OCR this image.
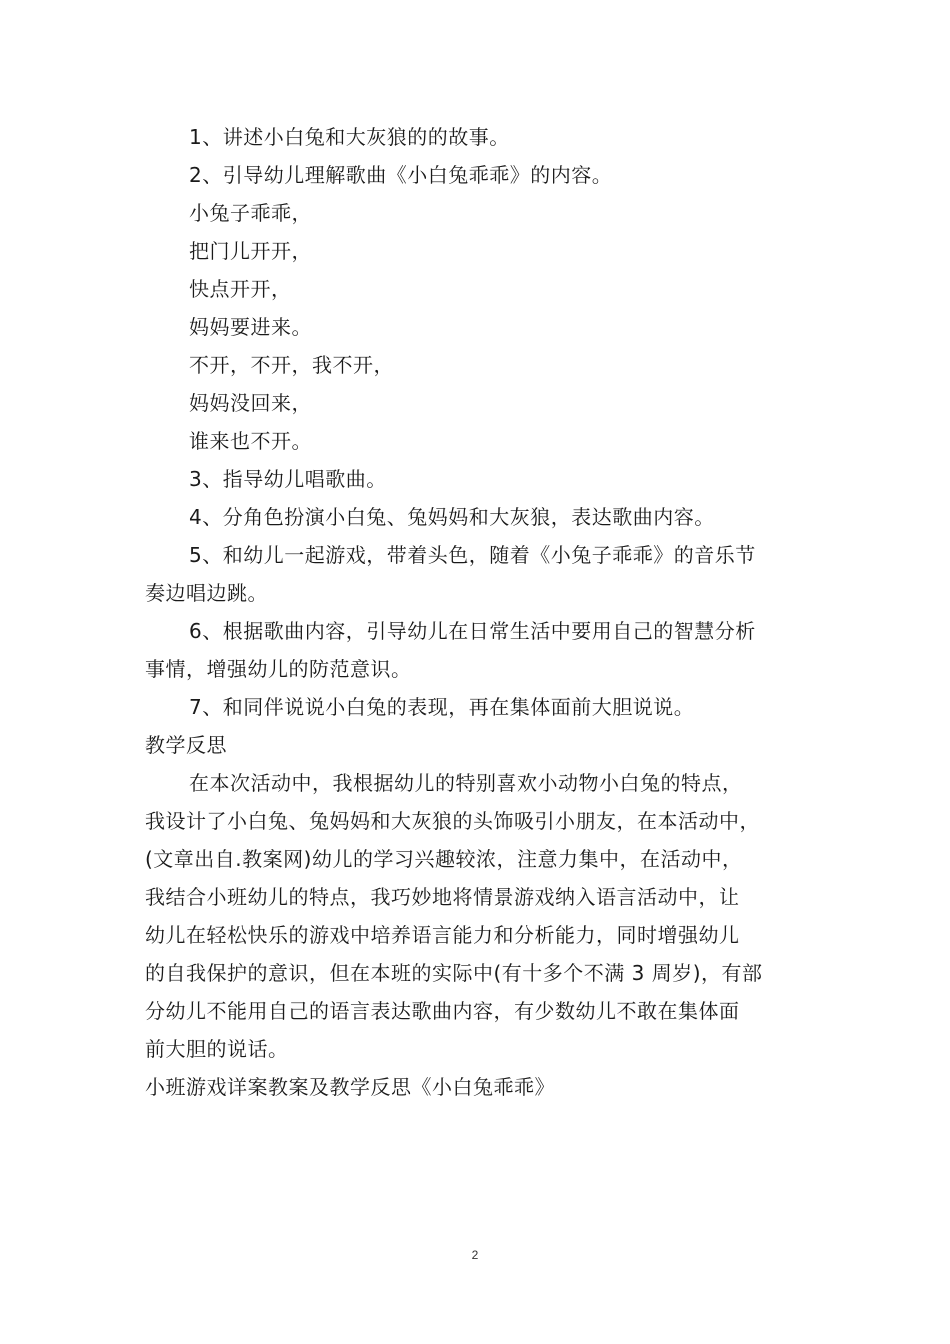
1、讲述小白兔和大灰狼的的故事。
2、引导幼儿理解歌曲《小白兔乖乖》的内容。
小兔子乖乖，
把门儿开开，
快点开开，
妈妈要进来。
不开，不开，我不开，
妈妈没回来，
谁来也不开。
3、指导幼儿唱歌曲。
4、分角色扮演小白兔、兔妈妈和大灰狼，表达歌曲内容。
5、和幼儿一起游戏，带着头色，随着《小兔子乖乖》的音乐节
奏边唱边跳。
6、根据歌曲内容，引导幼儿在日常生活中要用自己的智慧分析
事情，增强幼儿的防范意识。
7、和同伴说说小白兔的表现，再在集体面前大胆说说。
教学反思
在本次活动中，我根据幼儿的特别喜欢小动物小白兔的特点，
我设计了小白兔、兔妈妈和大灰狼的头饰吸引小朋友，在本活动中，
(文章出自.教案网)幼儿的学习兴趣较浓，注意力集中，在活动中，
我结合小班幼儿的特点，我巧妙地将情景游戏纳入语言活动中，让
幼儿在轻松快乐的游戏中培养语言能力和分析能力，同时增强幼儿
的自我保护的意识，但在本班的实际中(有十多个不满 3 周岁)，有部
分幼儿不能用自己的语言表达歌曲内容，有少数幼儿不敢在集体面
前大胆的说话。
小班游戏详案教案及教学反思《小白兔乖乖》
2
